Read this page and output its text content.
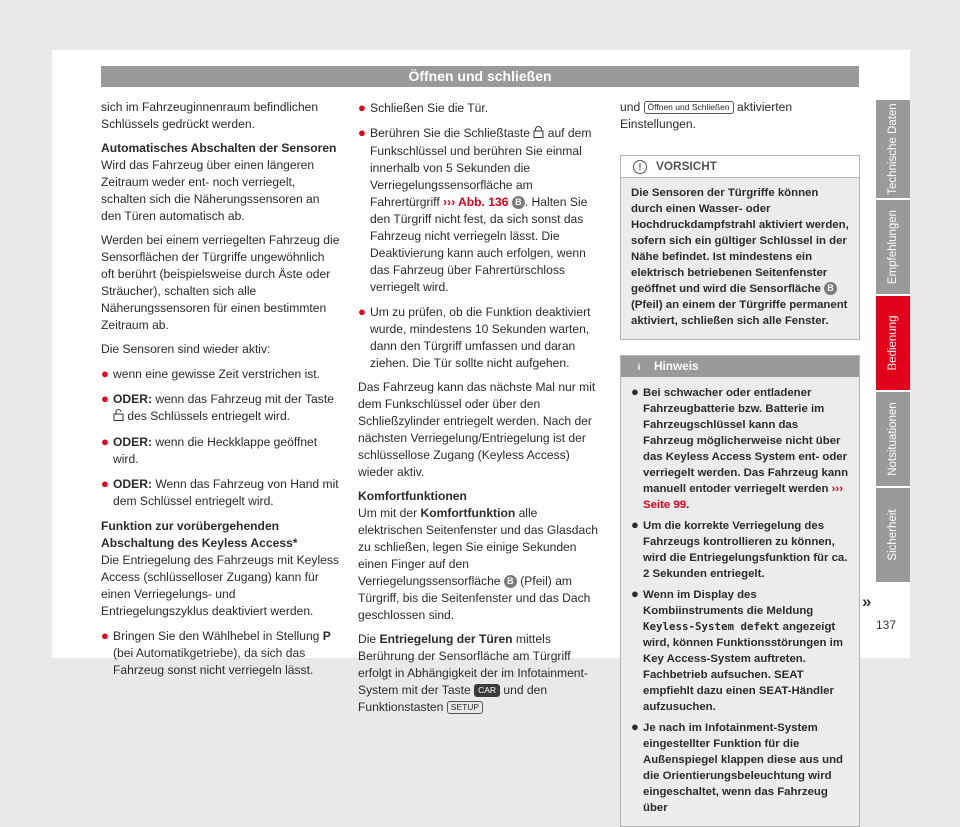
Öffnen und schließen

sich im Fahrzeuginnenraum befindlichen Schlüssels gedrückt werden.

Automatisches Abschalten der Sensoren

Wird das Fahrzeug über einen längeren Zeitraum weder ent- noch verriegelt, schalten sich die Näherungssensoren an den Türen automatisch ab.

Werden bei einem verriegelten Fahrzeug die Sensorflächen der Türgriffe ungewöhnlich oft berührt (beispielsweise durch Äste oder Sträucher), schalten sich alle Näherungssensoren für einen bestimmten Zeitraum ab.

Die Sensoren sind wieder aktiv:

● wenn eine gewisse Zeit verstrichen ist.

● ODER: wenn das Fahrzeug mit der Taste  des Schlüssels entriegelt wird.

● ODER: wenn die Heckklappe geöffnet wird.

● ODER: Wenn das Fahrzeug von Hand mit dem Schlüssel entriegelt wird.

Funktion zur vorübergehenden Abschaltung des Keyless Access*

Die Entriegelung des Fahrzeugs mit Keyless Access (schlüsselloser Zugang) kann für einen Verriegelungs- und Entriegelungszyklus deaktiviert werden.

● Bringen Sie den Wählhebel in Stellung P (bei Automatikgetriebe), da sich das Fahrzeug sonst nicht verriegeln lässt.

● Schließen Sie die Tür.

● Berühren Sie die Schließtaste  auf dem Funkschlüssel und berühren Sie einmal innerhalb von 5 Sekunden die Verriegelungssensorfläche am Fahrertürgriff ››› Abb. 136 B . Halten Sie den Türgriff nicht fest, da sich sonst das Fahrzeug nicht verriegeln lässt. Die Deaktivierung kann auch erfolgen, wenn das Fahrzeug über Fahrertürschloss verriegelt wird.

● Um zu prüfen, ob die Funktion deaktiviert wurde, mindestens 10 Sekunden warten, dann den Türgriff umfassen und daran ziehen. Die Tür sollte nicht aufgehen.

Das Fahrzeug kann das nächste Mal nur mit dem Funkschlüssel oder über den Schließzylinder entriegelt werden. Nach der nächsten Verriegelung/Entriegelung ist der schlüssellose Zugang (Keyless Access) wieder aktiv.

Komfortfunktionen

Um mit der Komfortfunktion alle elektrischen Seitenfenster und das Glasdach zu schließen, legen Sie einige Sekunden einen Finger auf den Verriegelungssensorfläche B (Pfeil) am Türgriff, bis die Seitenfenster und das Dach geschlossen sind.

Die Entriegelung der Türen mittels Berührung der Sensorfläche am Türgriff erfolgt in Abhängigkeit der im Infotainment-System mit der Taste CAR und den Funktionstasten SETUP

und Öffnen und Schließen aktivierten Einstellungen.

! VORSICHT

Die Sensoren der Türgriffe können durch einen Wasser- oder Hochdruckdampfstrahl aktiviert werden, sofern sich ein gültiger Schlüssel in der Nähe befindet. Ist mindestens ein elektrisch betriebenen Seitenfenster geöffnet und wird die Sensorfläche B (Pfeil) an einem der Türgriffe permanent aktiviert, schließen sich alle Fenster.

i Hinweis

● Bei schwacher oder entladener Fahrzeugbatterie bzw. Batterie im Fahrzeugschlüssel kann das Fahrzeug möglicherweise nicht über das Keyless Access System ent- oder verriegelt werden. Das Fahrzeug kann manuell entoder verriegelt werden ››› Seite 99.

● Um die korrekte Verriegelung des Fahrzeugs kontrollieren zu können, wird die Entriegelungsfunktion für ca. 2 Sekunden entriegelt.

● Wenn im Display des Kombiinstruments die Meldung Keyless-System defekt angezeigt wird, können Funktionsstörungen im Key Access-System auftreten. Fachbetrieb aufsuchen. SEAT empfiehlt dazu einen SEAT-Händler aufzusuchen.

● Je nach im Infotainment-System eingestellter Funktion für die Außenspiegel klappen diese aus und die Orientierungsbeleuchtung wird eingeschaltet, wenn das Fahrzeug über

Technische Daten
Empfehlungen
Bedienung
Notsituationen
Sicherheit
»
137
